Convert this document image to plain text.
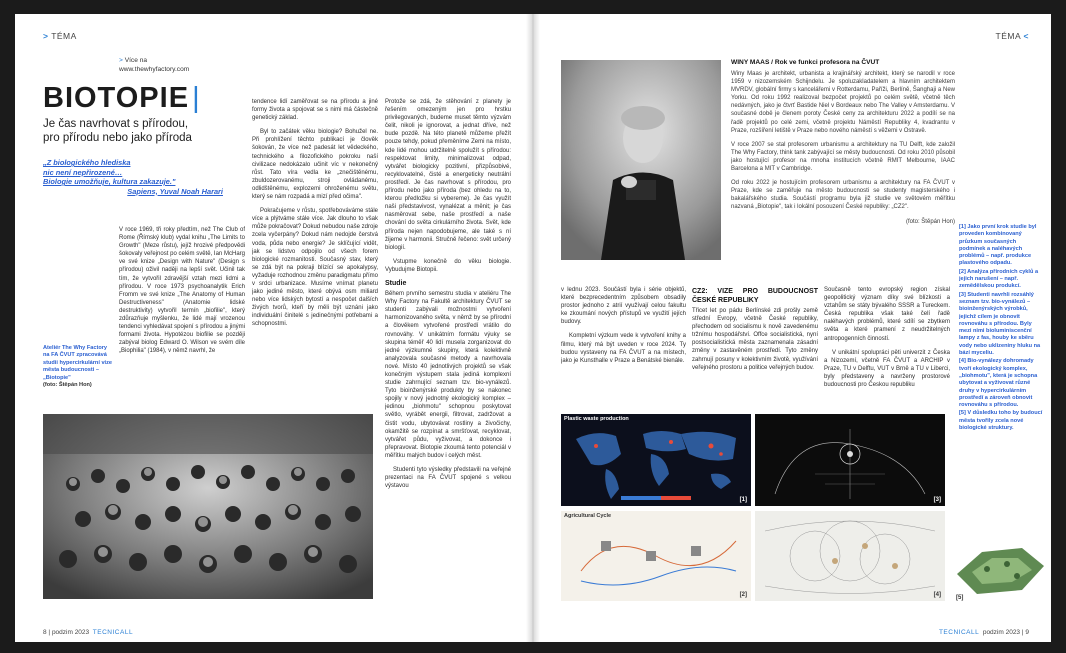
> TÉMA
> Více na
www.thewhyfactory.com
BIOTOPIE |
Je čas navrhovat s přírodou,
pro přírodu nebo jako příroda
„Z biologického hlediska
nic není nepřirozené…
Biologie umožňuje, kultura zakazuje."
Sapiens, Yuval Noah Harari
Ateliér The Why Factory na FA ČVUT zpracovává studii hypercirkulární vize města budoucnosti – „Biotopie"
(foto: Štěpán Hon)

V roce 1969, tři roky předtím, než The Club of Rome (Římský klub) vydal knihu „The Limits to Growth" (Meze růstu), jejíž hrozivé předpovědi šokovaly veřejnost po celém světě, Ian McHarg ve své knize „Design with Nature" (Design s přírodou) oživil naději na lepší svět. Učinil tak tím, že vytvořil zdravější vztah mezi lidmi a přírodou. V roce 1973 psychoanalytik Erich Fromm ve své knize „The Anatomy of Human Destructiveness" (Anatomie lidské destruktivity) vytvořil termín „biofilie", který zdůrazňuje myšlenku, že lidé mají vrozenou tendenci vyhledávat spojení s přírodou a jinými formami života. Hypotézou biofilie se později zabýval biolog Edward O. Wilson ve svém díle „Biophilia" (1984), v němž navrhl, že

tendence lidí zaměřovat se na přírodu a jiné formy života a spojovat se s nimi má částečně genetický základ.

Byl to začátek věku biologie? Bohužel ne. Při prohlížení těchto publikací je člověk šokován, že více než padesát let vědeckého, technického a filozofického pokroku naší civilizace nedokázalo učinit víc v nekonečný růst. Tato víra vedla ke „znečištěnému, zbuldozerovanému, stroji ovládanému, odlidštěnému, explozemi ohroženému světu, který se nám rozpadá a mizí před očima".

Pokračujeme v růstu, spotřebováváme stále více a plýtváme stále více. Jak dlouho to však může pokračovat? Dokud nebudou naše zdroje zcela vyčerpány? Dokud nám nedojde čerstvá voda, půda nebo energie? Je sklíčující vidět, jak se lidstvo odpojilo od všech forem biologické rozmanitosti. Současný stav, který se zdá být na pokraji blízící se apokalypsy, vyžaduje rozhodnou změnu paradigmatu přímo v srdci urbanizace. Musíme vnímat planetu jako jediné město, které obývá osm miliard nebo více lidských bytostí a nespočet dalších živých tvorů, kteří by měli být uznáni jako individuální činitelé s jedinečnými potřebami a schopnostmi.

Protože se zdá, že stěhování z planety je řešením omezeným jen pro hrstku privilegovaných, budeme muset těmto výzvám čelit, nikoli je ignorovat, a jednat dříve, než bude pozdě. Na této planetě můžeme přežít pouze tehdy, pokud přeměníme Zemi na místo, kde lidé mohou udržitelně spolužít s přírodou: respektovat limity, minimalizovat odpad, vytvářet biologicky pozitivní, přizpůsobivé, recyklovatelné, čisté a energeticky neutrální prostředí. Je čas navrhovat s přírodou, pro přírodu nebo jako příroda (bez ohledu na to, kterou předložku si vybereme). Je čas využít naši představivost, vynalézat a měnit; je čas nasměrovat sebe, naše prostředí a naše chování do světa cirkulárního života. Svět, kde příroda nejen napodobujeme, ale také s ní žijeme v harmonii. Stručně řečeno: svět určený biologií.

Vstupme konečně do věku biologie. Vybudujme Biotopii.

Studie

Během prvního semestru studia v ateliéru The Why Factory na Fakultě architektury ČVUT se studenti zabývali možnostmi vytvoření harmonizovaného světa, v němž by se přírodní a člověkem vytvořené prostředí vrátilo do rovnováhy. V unikátním formátu výuky se skupina téměř 40 lidí musela zorganizovat do jedné výzkumné skupiny, která kolektivně analyzovala současné metody a navrhovala nové. Místo 40 jednotlivých projektů se však konečným výstupem stala jediná komplexní studie zahrnující seznam tzv. bio-vynálezů. Tyto bioinženýrské produkty by se nakonec spojily v nový jednotný ekologický komplex – jedinou „biohmotu" schopnou poskytovat světlo, vyrábět energii, filtrovat, zadržovat a čistit vodu, ubytovávat rostliny a živočichy, okamžitě se rozpínat a smršťovat, recyklovat, vytvářet půdu, vyživovat, a dokonce i přepravovat. Biotopie zkoumá tento potenciál v měřítku malých budov i celých měst.

Studenti tyto výsledky představili na veřejné prezentaci na FA ČVUT spojené s velkou výstavou

8 | podzim 2023 TECNICALL
TÉMA <
WINY MAAS / Rok ve funkci profesora na ČVUT

Winy Maas je architekt, urbanista a krajinářský architekt, který se narodil v roce 1959 v nizozemském Schijndelu. Je spoluzakladatelem a hlavním architektem MVRDV, globální firmy s kancelářemi v Rotterdamu, Paříži, Berlíně, Šanghaji a New Yorku. Od roku 1992 realizoval bezpočet projektů po celém světě, včetně těch nedávných, jako je čtvrť Bastide Niel v Bordeaux nebo The Valley v Amsterdamu. V současné době je členem poroty České ceny za architekturu 2022 a podílí se na řadě projektů po celé zemi, včetně projektu Náměstí Republiky 4, kvadrantu v Praze, rozšíření letiště v Praze nebo nového náměstí s věžemi v Ostravě.

V roce 2007 se stal profesorem urbanismu a architektury na TU Delft, kde založil The Why Factory, think tank zabývající se městy budoucnosti. Od roku 2010 působil jako hostující profesor na mnoha institucích včetně RMIT Melbourne, IAAC Barcelona a MIT v Cambridge.

Od roku 2022 je hostujícím profesorem urbanismu a architektury na FA ČVUT v Praze, kde se zaměřuje na město budoucnosti se studenty magisterského i bakalářského studia. Součástí programu byla již studie ve světovém měřítku nazvaná „Biotopie", tak i lokální posouzení České republiky: „CZ2".

(foto: Štěpán Hon)

v lednu 2023. Součástí byla i série objektů, které bezprecedentním způsobem obsadily prostor jednoho z atrií využívají celou fakultu ke zkoumání nových přístupů ve využití jejích budovy.

Kompletní výzkum vede k vytvoření knihy a filmu, který má být uveden v roce 2024. Ty budou vystaveny na FA ČVUT a na místech, jako je Kunsthalle v Praze a Benátské bienále.

CZ2: VIZE PRO BUDOUCNOST ČESKÉ REPUBLIKY

Třicet let po pádu Berlínské zdi prošly země střední Evropy, včetně České republiky, přechodem od socialismu k nově zavedenému tržnímu hospodářství. Offce socialistická, nyní postsocialistická města zaznamenala zásadní změny v zastavěném prostředí. Tyto změny zahrnují posuny v kolektivním životě, využívání veřejného prostoru a politice veřejných budov.

Současně tento evropský region získal geopolitický význam díky své blízkosti a vztahům se státy bývalého SSSR a Tureckem. Česká republika však také čelí řadě naléhavých problémů, které sdílí se zbytkem světa a které pramení z neudržitelných antropogenních činností.

V unikátní spolupráci pěti univerzit z Česka a Nizozemí, včetně FA ČVUT a ARCHIP v Praze, TU v Delftu, VUT v Brně a TU v Liberci, byly představeny a navrženy prostorové budoucnosti pro Českou republiku

[1] Jako první krok studie byl proveden kombinovaný průzkum současných podmínek a naléhavých problémů – např. produkce plastového odpadu.

[2] Analýza přírodních cyklů a jejich narušení – např. zemědělskou produkcí.

[3] Studenti navrhli rozsáhlý seznam tzv. bio-vynálezů – bioinženýrských výrobků, jejichž cílem je obnovit rovnováhu s přírodou. Byly mezi nimi bioluminiscenční lampy z fas, houby ke sběru vody nebo uklizeniny hluku na bází myceliu.

[4] Bio-vynálezy dohromady tvoří ekologický komplex, „biohmotu", která je schopna ubytovat a vyživovat různé druhy v hypercirkulárním prostředí a zároveň obnovit rovnováhu s přírodou.

[5] V důsledku toho by budoucí města tvořily zcela nové biologické struktury.

Plastic waste production
[1]	[3]
Agricultural Cycle
[2]	[4]	[5]
TECNICALL podzim 2023 | 9
